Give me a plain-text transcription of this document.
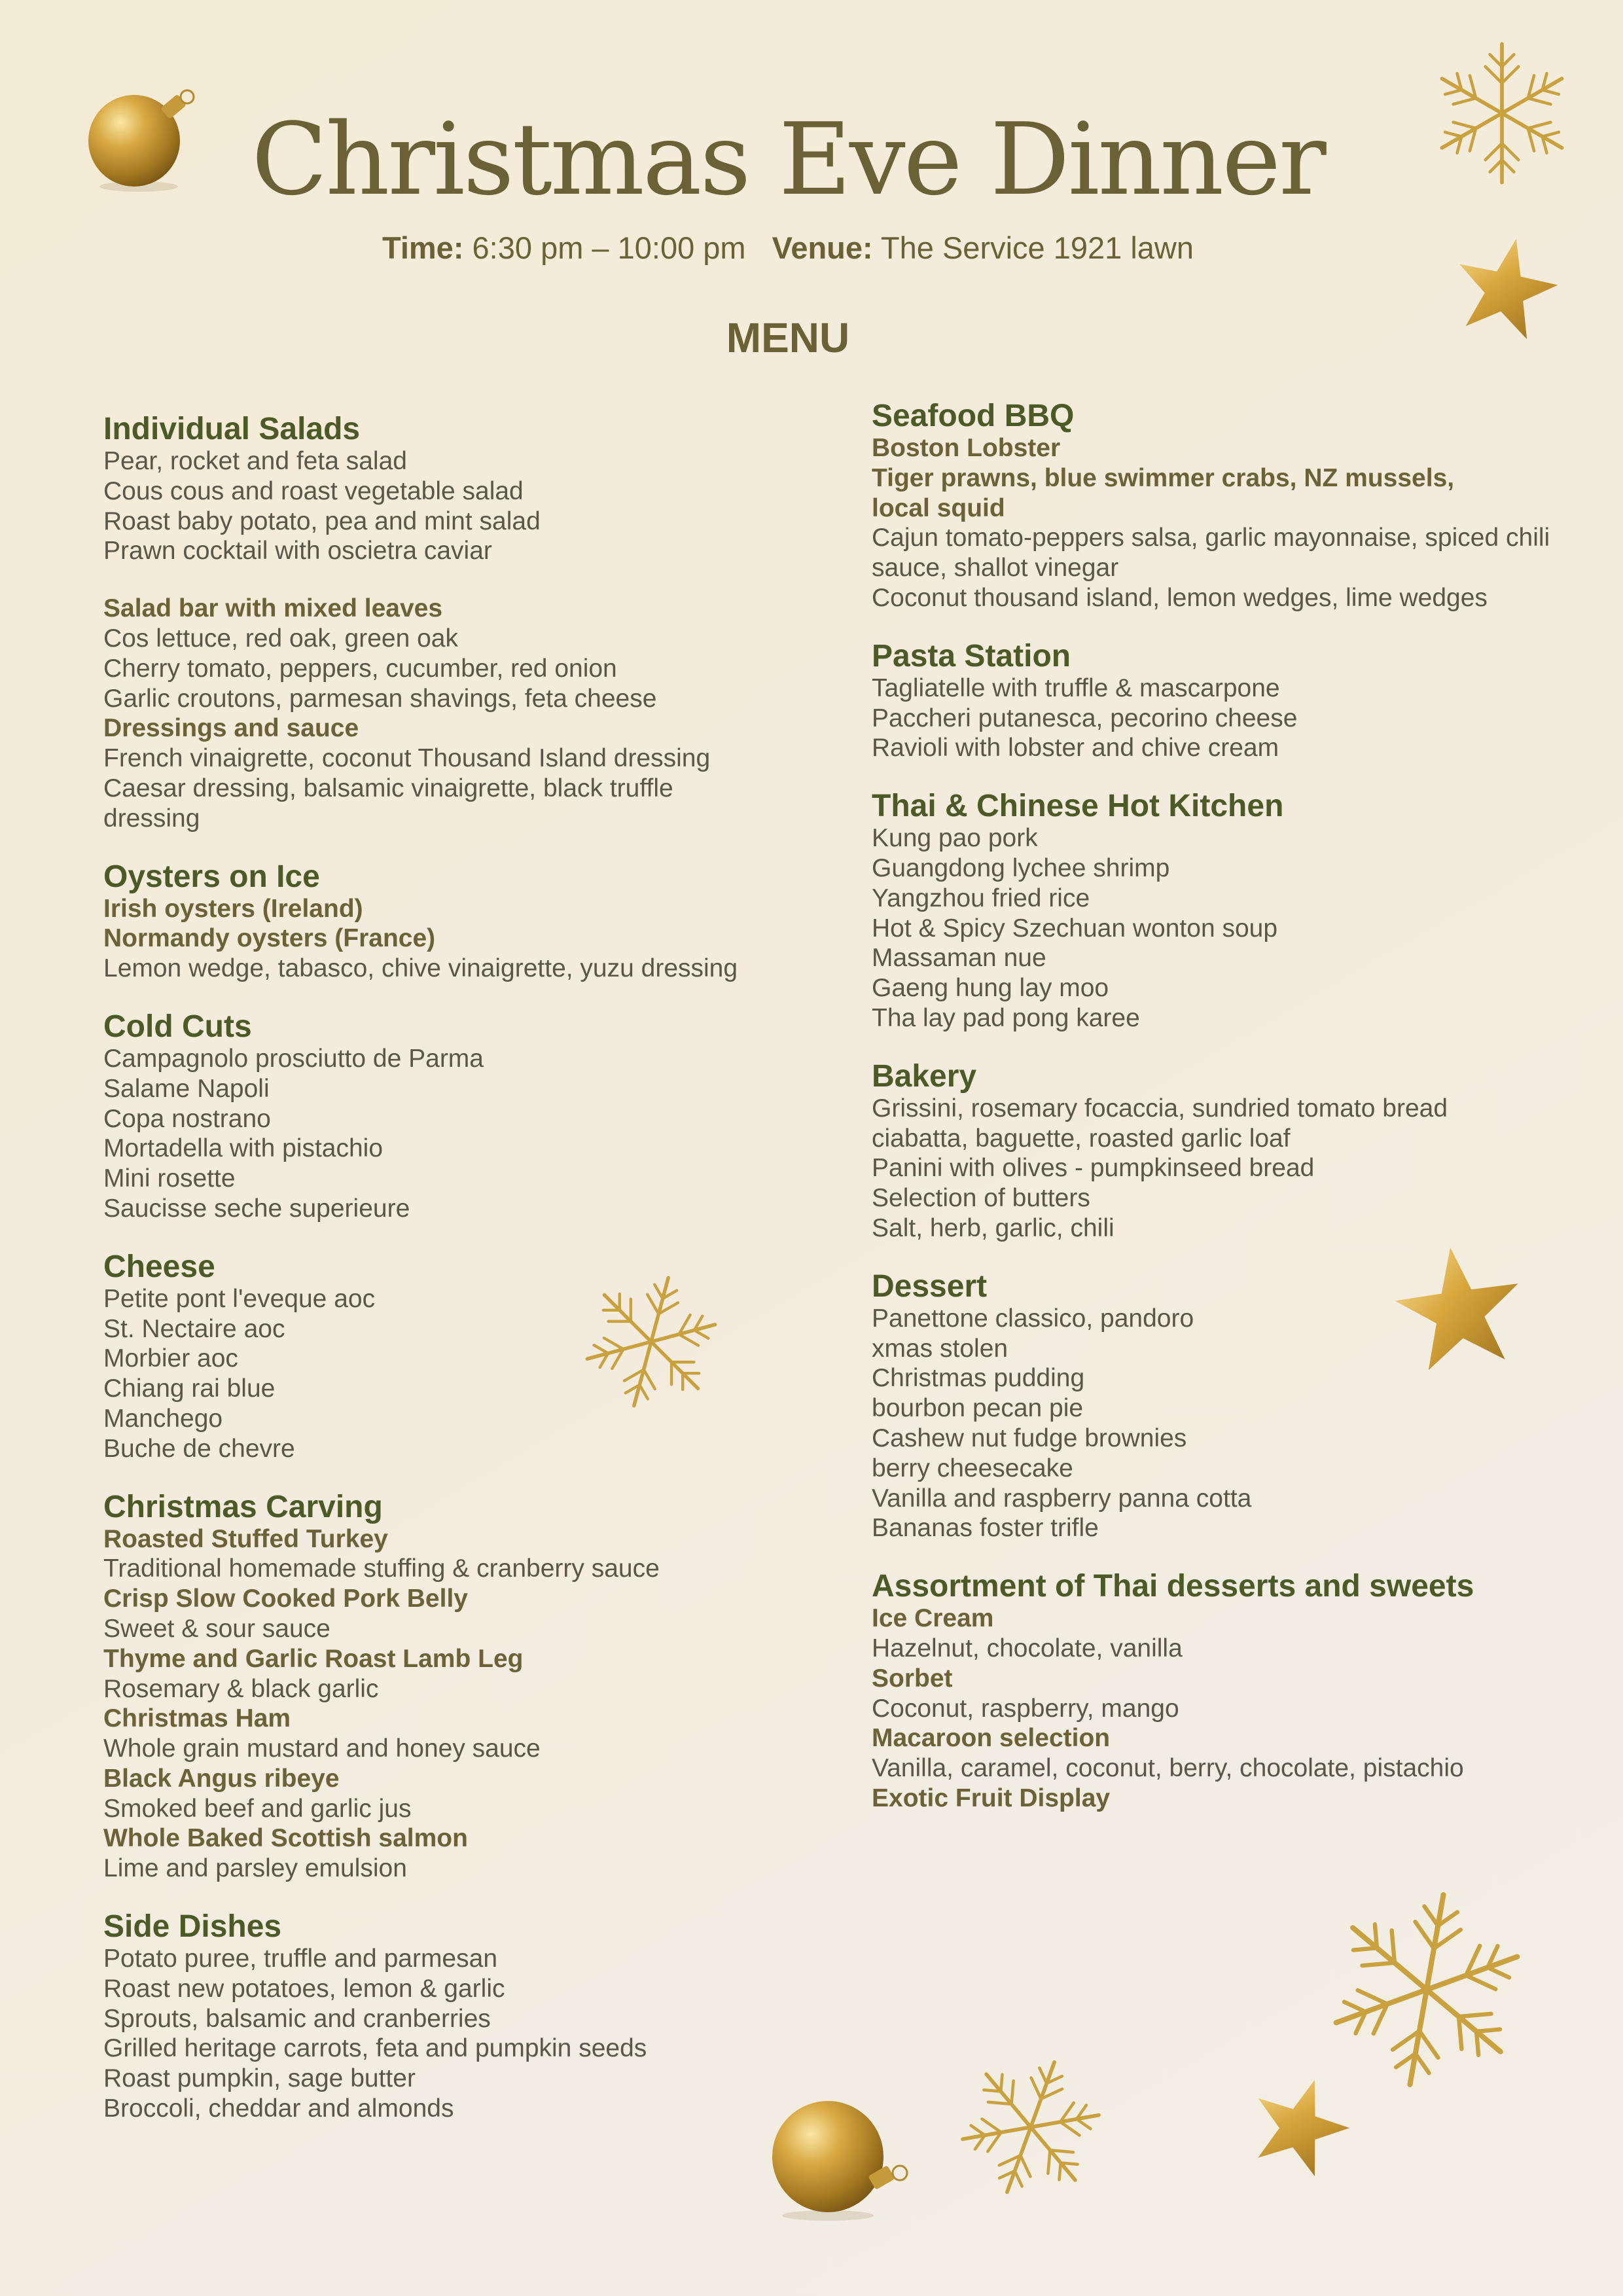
Christmas Eve Dinner
Time: 6:30 pm – 10:00 pm Venue: The Service 1921 lawn
MENU
Individual Salads
Pear, rocket and feta salad
Cous cous and roast vegetable salad
Roast baby potato, pea and mint salad
Prawn cocktail with oscietra caviar
Salad bar with mixed leaves
Cos lettuce, red oak, green oak
Cherry tomato, peppers, cucumber, red onion
Garlic croutons, parmesan shavings, feta cheese
Dressings and sauce
French vinaigrette, coconut Thousand Island dressing
Caesar dressing, balsamic vinaigrette, black truffle
dressing
Oysters on Ice
Irish oysters (Ireland)
Normandy oysters (France)
Lemon wedge, tabasco, chive vinaigrette, yuzu dressing
Cold Cuts
Campagnolo prosciutto de Parma
Salame Napoli
Copa nostrano
Mortadella with pistachio
Mini rosette
Saucisse seche superieure
Cheese
Petite pont l'eveque aoc
St. Nectaire aoc
Morbier aoc
Chiang rai blue
Manchego
Buche de chevre
Christmas Carving
Roasted Stuffed Turkey
Traditional homemade stuffing & cranberry sauce
Crisp Slow Cooked Pork Belly
Sweet & sour sauce
Thyme and Garlic Roast Lamb Leg
Rosemary & black garlic
Christmas Ham
Whole grain mustard and honey sauce
Black Angus ribeye
Smoked beef and garlic jus
Whole Baked Scottish salmon
Lime and parsley emulsion
Side Dishes
Potato puree, truffle and parmesan
Roast new potatoes, lemon & garlic
Sprouts, balsamic and cranberries
Grilled heritage carrots, feta and pumpkin seeds
Roast pumpkin, sage butter
Broccoli, cheddar and almonds
Seafood BBQ
Boston Lobster
Tiger prawns, blue swimmer crabs, NZ mussels,
local squid
Cajun tomato-peppers salsa, garlic mayonnaise, spiced chili
sauce, shallot vinegar
Coconut thousand island, lemon wedges, lime wedges
Pasta Station
Tagliatelle with truffle & mascarpone
Paccheri putanesca, pecorino cheese
Ravioli with lobster and chive cream
Thai & Chinese Hot Kitchen
Kung pao pork
Guangdong lychee shrimp
Yangzhou fried rice
Hot & Spicy Szechuan wonton soup
Massaman nue
Gaeng hung lay moo
Tha lay pad pong karee
Bakery
Grissini, rosemary focaccia, sundried tomato bread
ciabatta, baguette, roasted garlic loaf
Panini with olives - pumpkinseed bread
Selection of butters
Salt, herb, garlic, chili
Dessert
Panettone classico, pandoro
xmas stolen
Christmas pudding
bourbon pecan pie
Cashew nut fudge brownies
berry cheesecake
Vanilla and raspberry panna cotta
Bananas foster trifle
Assortment of Thai desserts and sweets
Ice Cream
Hazelnut, chocolate, vanilla
Sorbet
Coconut, raspberry, mango
Macaroon selection
Vanilla, caramel, coconut, berry, chocolate, pistachio
Exotic Fruit Display
